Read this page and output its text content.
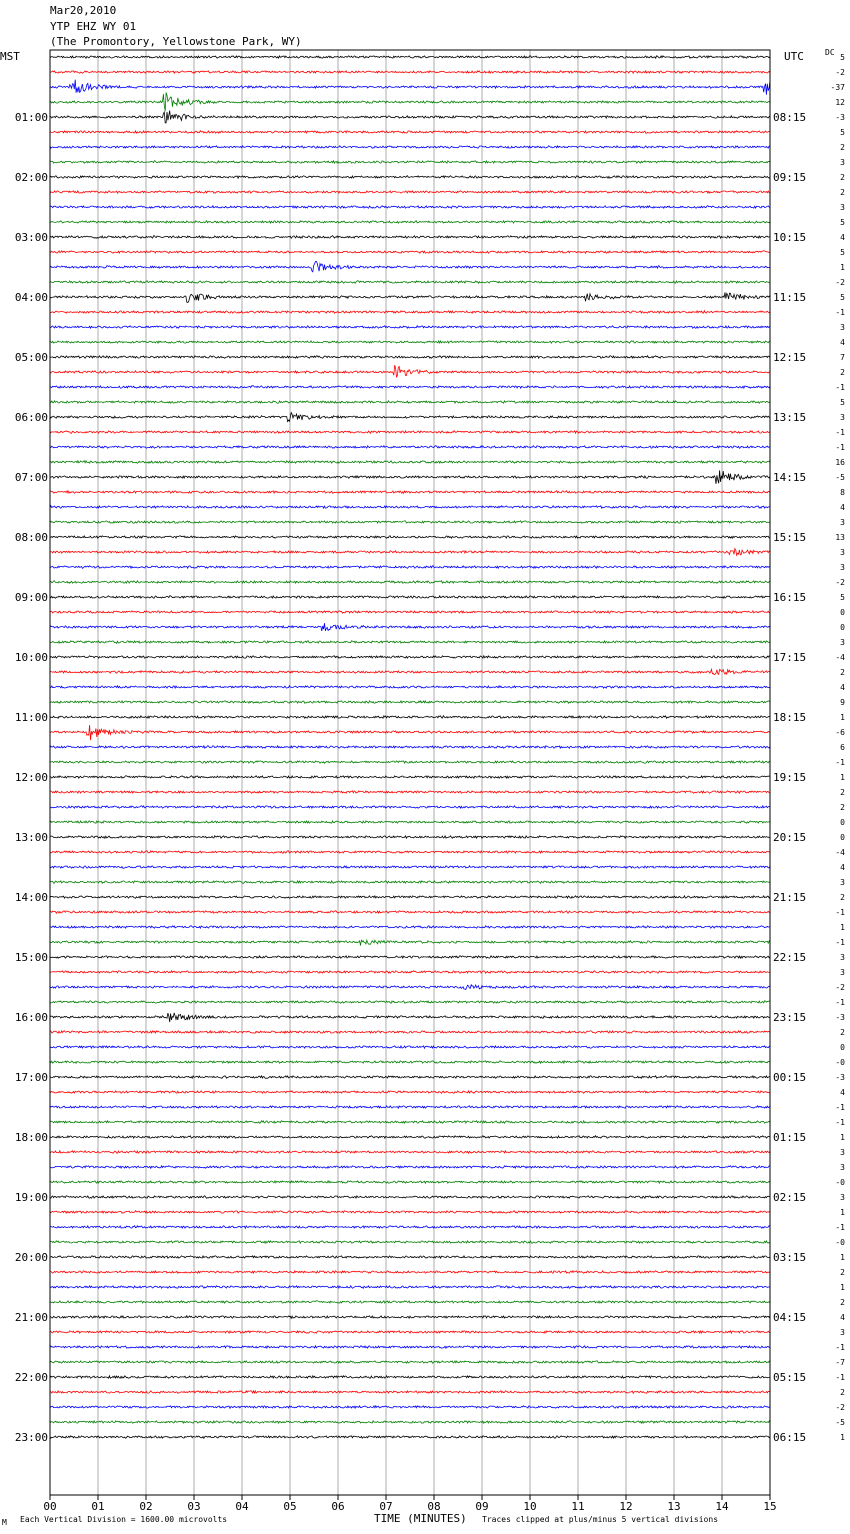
01:00
02:00
03:00
04:00
05:00
06:00
07:00
08:00
09:00
10:00
11:00
12:00
13:00
14:00
15:00
16:00
17:00
18:00
19:00
20:00
21:00
22:00
23:00
08:15
09:15
10:15
11:15
12:15
13:15
14:15
15:15
16:15
17:15
18:15
19:15
20:15
21:15
22:15
23:15
00:15
01:15
02:15
03:15
04:15
05:15
06:15
5
-2
-37
12
-3
5
2
3
2
2
3
5
4
5
1
-2
5
-1
3
4
7
2
-1
5
3
-1
-1
16
-5
8
4
3
13
3
3
-2
5
0
0
3
-4
2
4
9
1
-6
6
-1
1
2
2
0
0
-4
4
3
2
-1
1
-1
3
3
-2
-1
-3
2
0
-0
-3
4
-1
-1
1
3
3
-0
3
1
-1
-0
1
2
1
2
4
3
-1
-7
-1
2
-2
-5
1
00	01	02	03	04	05	06	07	08	09	10	11	12	13	14	15
Mar20,2010
YTP EHZ WY 01
(The Promontory, Yellowstone Park, WY)
MST	UTC	DC
M Each Vertical Division = 1600.00 microvolts	TIME (MINUTES) Traces clipped at plus/minus 5 vertical divisions
